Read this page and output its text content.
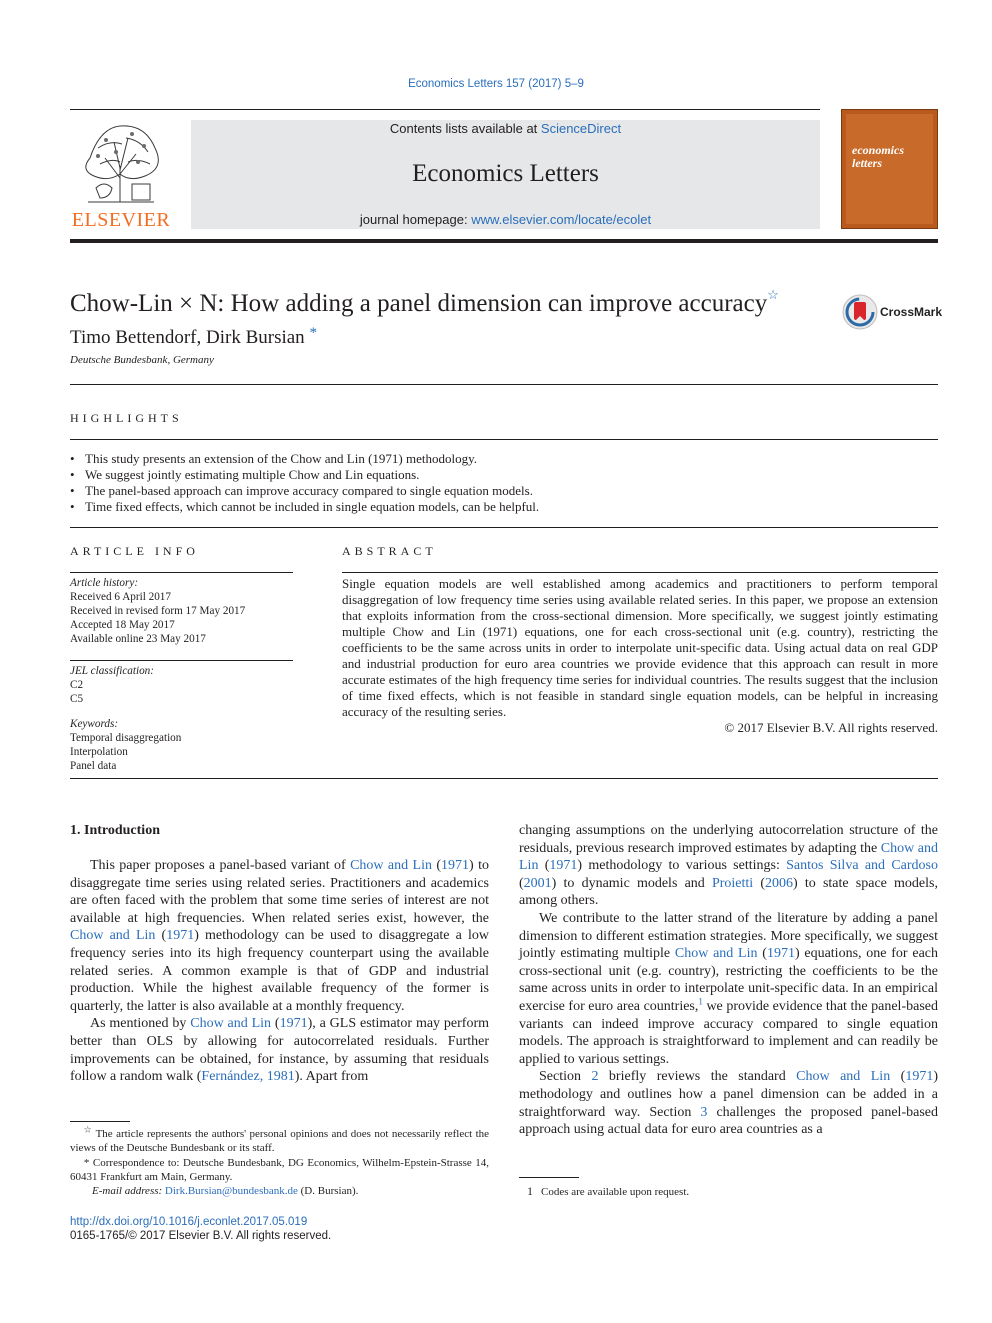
Economics Letters 157 (2017) 5–9
ELSEVIER
Contents lists available at ScienceDirect
Economics Letters
journal homepage: www.elsevier.com/locate/ecolet
economics
letters
Chow-Lin × N: How adding a panel dimension can improve accuracy☆
CrossMark
Timo Bettendorf, Dirk Bursian *
Deutsche Bundesbank, Germany
HIGHLIGHTS
• This study presents an extension of the Chow and Lin (1971) methodology.
• We suggest jointly estimating multiple Chow and Lin equations.
• The panel-based approach can improve accuracy compared to single equation models.
• Time fixed effects, which cannot be included in single equation models, can be helpful.
ARTICLE INFO	ABSTRACT
Article history:
Received 6 April 2017
Received in revised form 17 May 2017
Accepted 18 May 2017
Available online 23 May 2017
JEL classification:
C2
C5
Keywords:
Temporal disaggregation
Interpolation
Panel data

Single equation models are well established among academics and practitioners to perform temporal disaggregation of low frequency time series using available related series. In this paper, we propose an extension that exploits information from the cross-sectional dimension. More specifically, we suggest jointly estimating multiple Chow and Lin (1971) equations, one for each cross-sectional unit (e.g. country), restricting the coefficients to be the same across units in order to interpolate unit-specific data. Using actual data on real GDP and industrial production for euro area countries we provide evidence that this approach can result in more accurate estimates of the high frequency time series for individual countries. The results suggest that the inclusion of time fixed effects, which is not feasible in standard single equation models, can be helpful in increasing accuracy of the resulting series.

© 2017 Elsevier B.V. All rights reserved.
1. Introduction

This paper proposes a panel-based variant of Chow and Lin (1971) to disaggregate time series using related series. Practitioners and academics are often faced with the problem that some time series of interest are not available at high frequencies. When related series exist, however, the Chow and Lin (1971) methodology can be used to disaggregate a low frequency series into its high frequency counterpart using the available related series. A common example is that of GDP and industrial production. While the highest available frequency of the former is quarterly, the latter is also available at a monthly frequency.

As mentioned by Chow and Lin (1971), a GLS estimator may perform better than OLS by allowing for autocorrelated residuals. Further improvements can be obtained, for instance, by assuming that residuals follow a random walk (Fernández, 1981). Apart from

changing assumptions on the underlying autocorrelation structure of the residuals, previous research improved estimates by adapting the Chow and Lin (1971) methodology to various settings: Santos Silva and Cardoso (2001) to dynamic models and Proietti (2006) to state space models, among others.

We contribute to the latter strand of the literature by adding a panel dimension to different estimation strategies. More specifically, we suggest jointly estimating multiple Chow and Lin (1971) equations, one for each cross-sectional unit (e.g. country), restricting the coefficients to be the same across units in order to interpolate unit-specific data. In an empirical exercise for euro area countries,$^1$ we provide evidence that the panel-based variants can indeed improve accuracy compared to single equation models. The approach is straightforward to implement and can readily be applied to various settings.

Section 2 briefly reviews the standard Chow and Lin (1971) methodology and outlines how a panel dimension can be added in a straightforward way. Section 3 challenges the proposed panel-based approach using actual data for euro area countries as a

☆ The article represents the authors' personal opinions and does not necessarily reflect the views of the Deutsche Bundesbank or its staff.
* Correspondence to: Deutsche Bundesbank, DG Economics, Wilhelm-Epstein-Strasse 14, 60431 Frankfurt am Main, Germany.
E-mail address: Dirk.Bursian@bundesbank.de (D. Bursian).	1 Codes are available upon request.
http://dx.doi.org/10.1016/j.econlet.2017.05.019
0165-1765/© 2017 Elsevier B.V. All rights reserved.
